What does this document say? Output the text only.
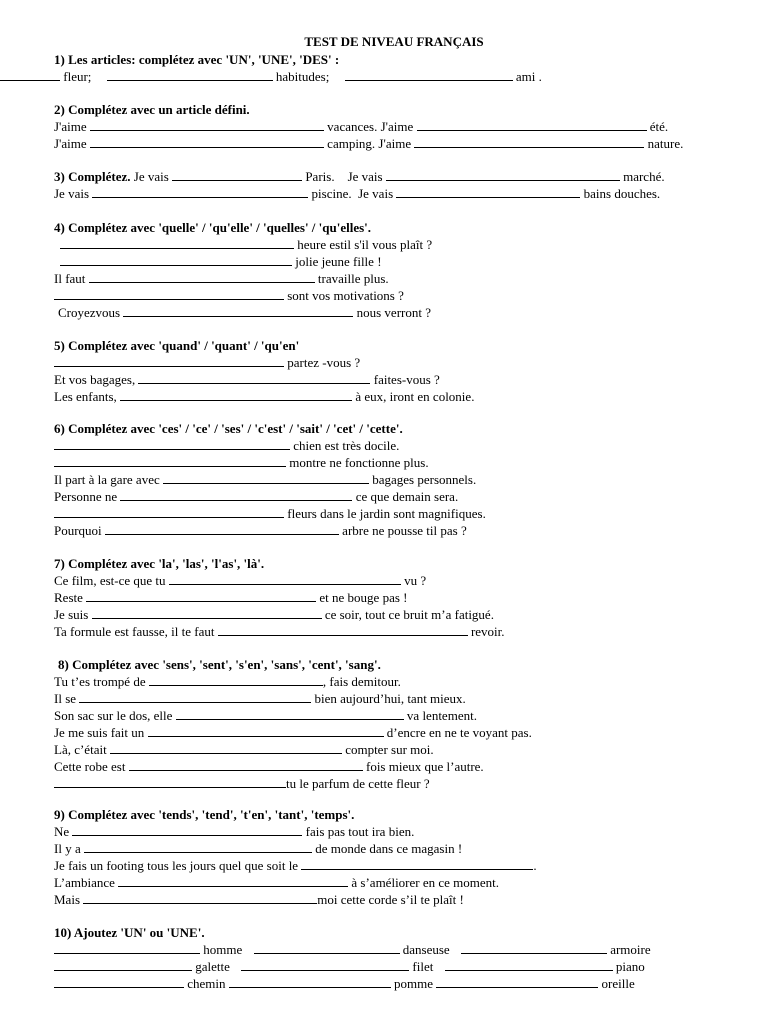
TEST DE NIVEAU FRANÇAIS
1) Les articles: complétez avec 'UN', 'UNE', 'DES' :
fleur;	habitudes;	ami .
2) Complétez avec un article défini.
J'aime	vacances. J'aime	été.
J'aime	camping. J'aime	nature.
3) Complétez. Je vais	Paris.    Je vais	marché.
Je vais	piscine.  Je vais	bains douches.
4) Complétez avec 'quelle' / 'qu'elle' / 'quelles' / 'qu'elles'.
heure estil s'il vous plaît ?
jolie jeune fille !
Il faut	travaille plus.
sont vos motivations ?
Croyezvous	nous verront ?
5) Complétez avec 'quand' / 'quant' / 'qu'en'
partez -vous ?
Et vos bagages,	faites-vous ?
Les enfants,	à eux, iront en colonie.
6) Complétez avec 'ces' / 'ce' / 'ses' / 'c'est' / 'sait' / 'cet' / 'cette'.
chien est très docile.
montre ne fonctionne plus.
Il part à la gare avec	bagages personnels.
Personne ne	ce que demain sera.
fleurs dans le jardin sont magnifiques.
Pourquoi	arbre ne pousse til pas ?
7) Complétez avec 'la', 'las', 'l'as', 'là'.
Ce film, est-ce que tu	vu ?
Reste	et ne bouge pas !
Je suis	ce soir, tout ce bruit m’a fatigué.
Ta formule est fausse, il te faut	revoir.
8) Complétez avec 'sens', 'sent', 's'en', 'sans', 'cent', 'sang'.
Tu t’es trompé de	, fais demitour.
Il se	bien aujourd’hui, tant mieux.
Son sac sur le dos, elle	va lentement.
Je me suis fait un	d’encre en ne te voyant pas.
Là, c’était	compter sur moi.
Cette robe est	fois mieux que l’autre.
tu le parfum de cette fleur ?
9) Complétez avec 'tends', 'tend', 't'en', 'tant', 'temps'.
Ne	fais pas tout ira bien.
Il y a	de monde dans ce magasin !
Je fais un footing tous les jours quel que soit le	.
L’ambiance	à s’améliorer en ce moment.
Mais	moi cette corde s’il te plaît !
10) Ajoutez 'UN' ou 'UNE'.
homme	danseuse	armoire
galette	filet	piano
chemin	pomme	oreille
